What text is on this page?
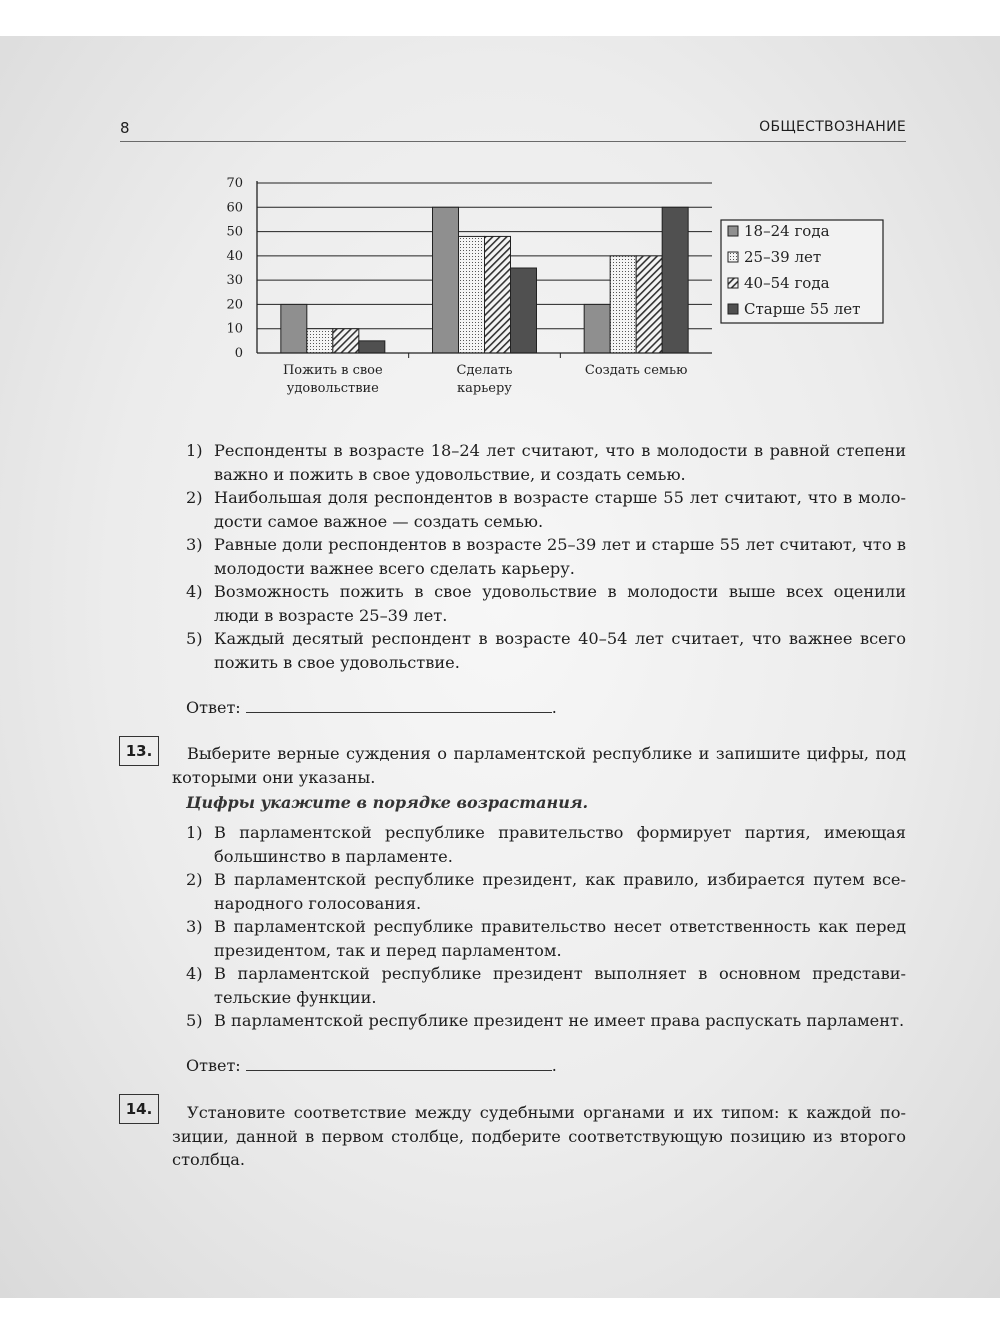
8	ОБЩЕСТВОЗНАНИЕ
0
10
20
30
40
50
60
70
Пожить в свое
удовольствие
Сделать
карьеру
Создать семью
18–24 года
25–39 лет
40–54 года
Старше 55 лет
1) Респонденты в возрасте 18–24 лет считают, что в молодости в равной степени важно и пожить в свое удовольствие, и создать семью.
2) Наибольшая доля респондентов в возрасте старше 55 лет считают, что в молодости самое важное — создать семью.
3) Равные доли респондентов в возрасте 25–39 лет и старше 55 лет считают, что в молодости важнее всего сделать карьеру.
4) Возможность пожить в свое удовольствие в молодости выше всех оценили люди в возрасте 25–39 лет.
5) Каждый десятый респондент в возрасте 40–54 лет считает, что важнее всего пожить в свое удовольствие.
Ответ:	.
13.	Выберите верные суждения о парламентской республике и запишите цифры, под которыми они указаны.
Цифры укажите в порядке возрастания.
1) В парламентской республике правительство формирует партия, имеющая большинство в парламенте.
2) В парламентской республике президент, как правило, избирается путем всенародного голосования.
3) В парламентской республике правительство несет ответственность как перед президентом, так и перед парламентом.
4) В парламентской республике президент выполняет в основном представительские функции.
5) В парламентской республике президент не имеет права распускать парламент.
Ответ:	.
14.	Установите соответствие между судебными органами и их типом: к каждой позиции, данной в первом столбце, подберите соответствующую позицию из второго столбца.
